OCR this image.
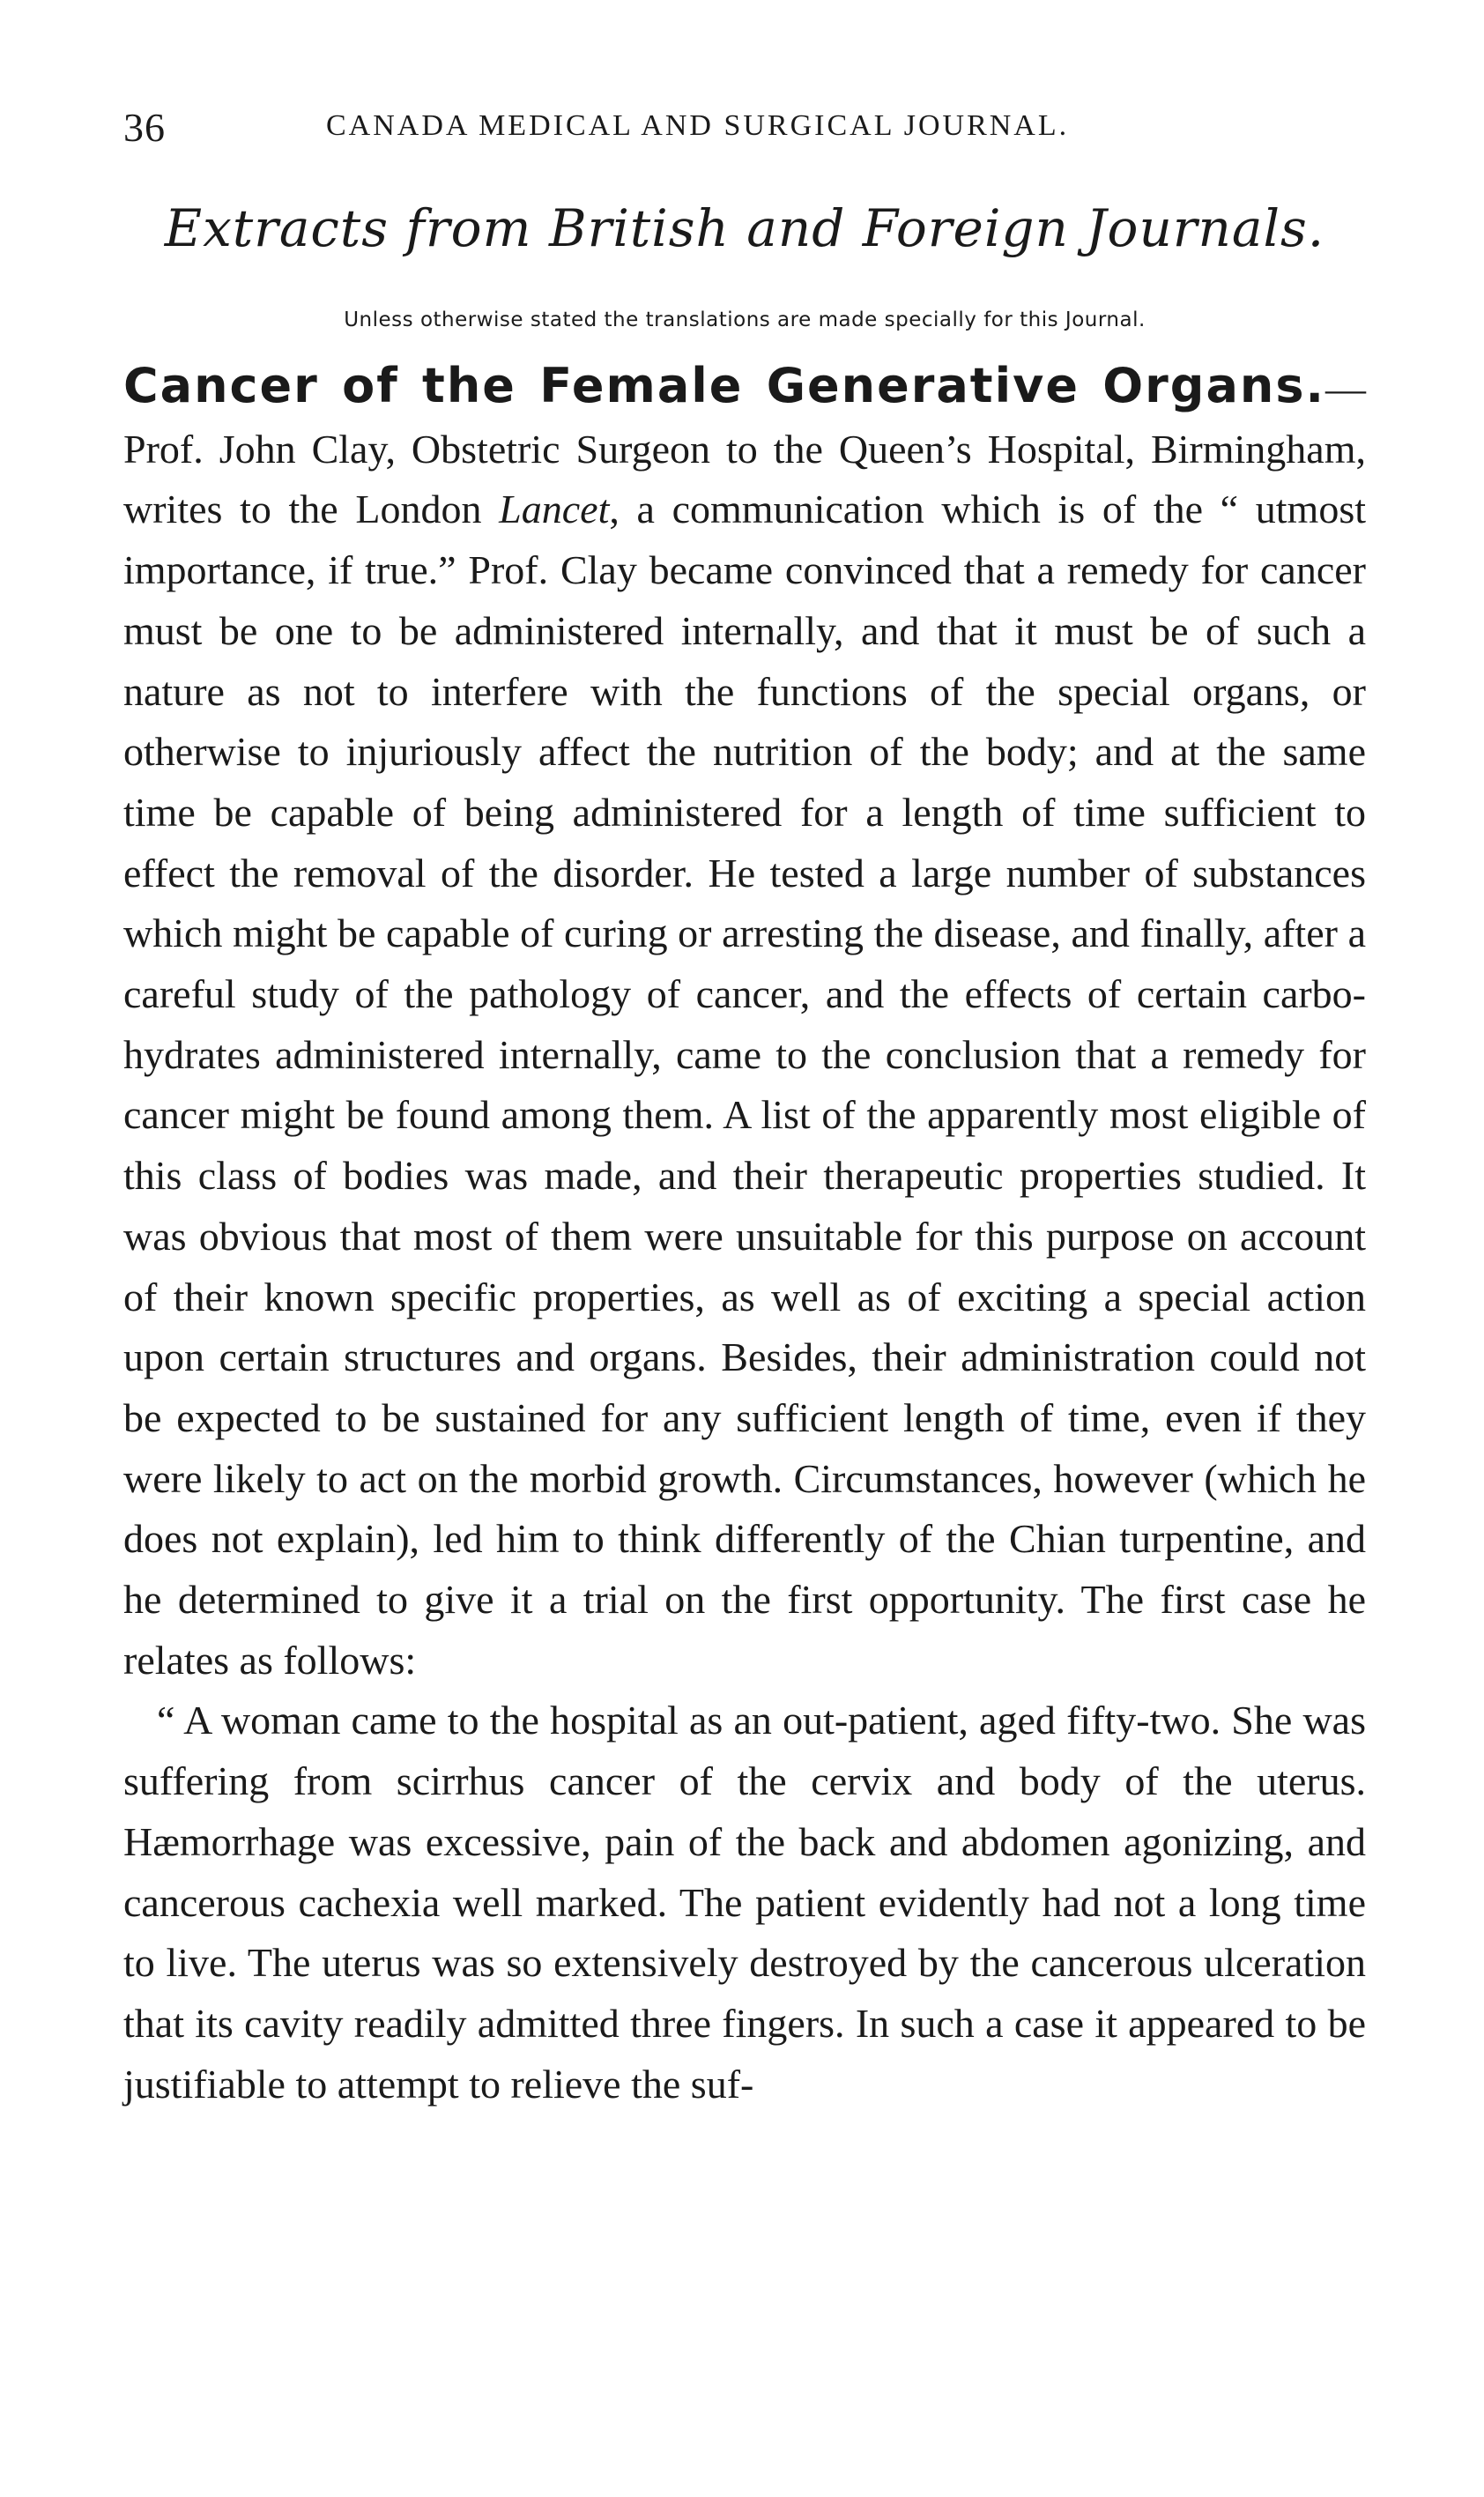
36	CANADA MEDICAL AND SURGICAL JOURNAL.
Extracts from British and Foreign Journals.
Unless otherwise stated the translations are made specially for this Journal.

Cancer of the Female Generative Organs.—Prof. John Clay, Obstetric Surgeon to the Queen’s Hospital, Birmingham, writes to the London Lancet, a communication which is of the “ utmost importance, if true.” Prof. Clay became convinced that a remedy for cancer must be one to be administered internally, and that it must be of such a nature as not to interfere with the functions of the special organs, or otherwise to injuriously affect the nutrition of the body; and at the same time be capable of being administered for a length of time sufficient to effect the removal of the disorder. He tested a large number of substances which might be capable of curing or arresting the disease, and finally, after a careful study of the pathology of cancer, and the effects of certain carbo-hydrates administered internally, came to the conclusion that a remedy for cancer might be found among them. A list of the apparently most eligible of this class of bodies was made, and their therapeutic properties studied. It was obvious that most of them were unsuitable for this purpose on account of their known specific properties, as well as of exciting a special action upon certain structures and organs. Besides, their administration could not be expected to be sustained for any sufficient length of time, even if they were likely to act on the morbid growth. Circumstances, however (which he does not explain), led him to think differently of the Chian turpentine, and he determined to give it a trial on the first opportunity. The first case he relates as follows:

“ A woman came to the hospital as an out-patient, aged fifty-two. She was suffering from scirrhus cancer of the cervix and body of the uterus. Hæmorrhage was excessive, pain of the back and abdomen agonizing, and cancerous cachexia well marked. The patient evidently had not a long time to live. The uterus was so extensively destroyed by the cancerous ulceration that its cavity readily admitted three fingers. In such a case it appeared to be justifiable to attempt to relieve the suf-
